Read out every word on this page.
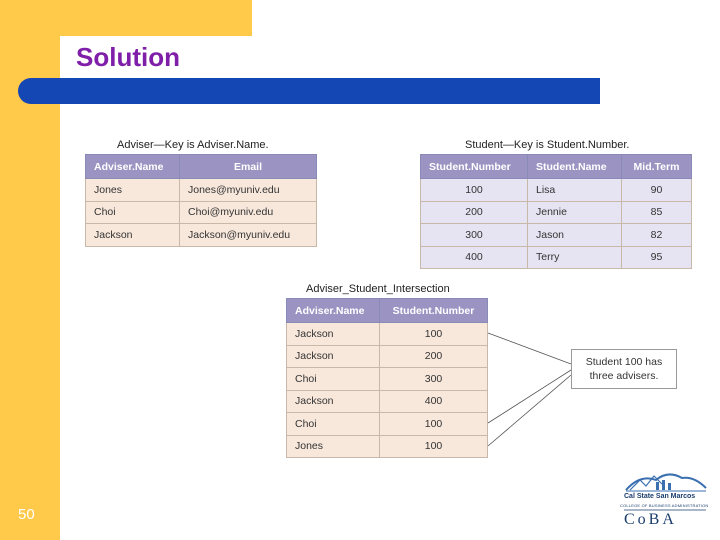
Solution
50
Adviser—Key is Adviser.Name.
Adviser.Name	Email
Jones	Jones@myuniv.edu
Choi	Choi@myuniv.edu
Jackson	Jackson@myuniv.edu
Student—Key is Student.Number.
Student.Number	Student.Name	Mid.Term
100	Lisa	90
200	Jennie	85
300	Jason	82
400	Terry	95
Adviser_Student_Intersection
Adviser.Name	Student.Number
Jackson	100
Jackson	200
Choi	300
Jackson	400
Choi	100
Jones	100
Student 100 has
three advisers.
Cal State San Marcos
COLLEGE OF BUSINESS ADMINISTRATION
CoBA
